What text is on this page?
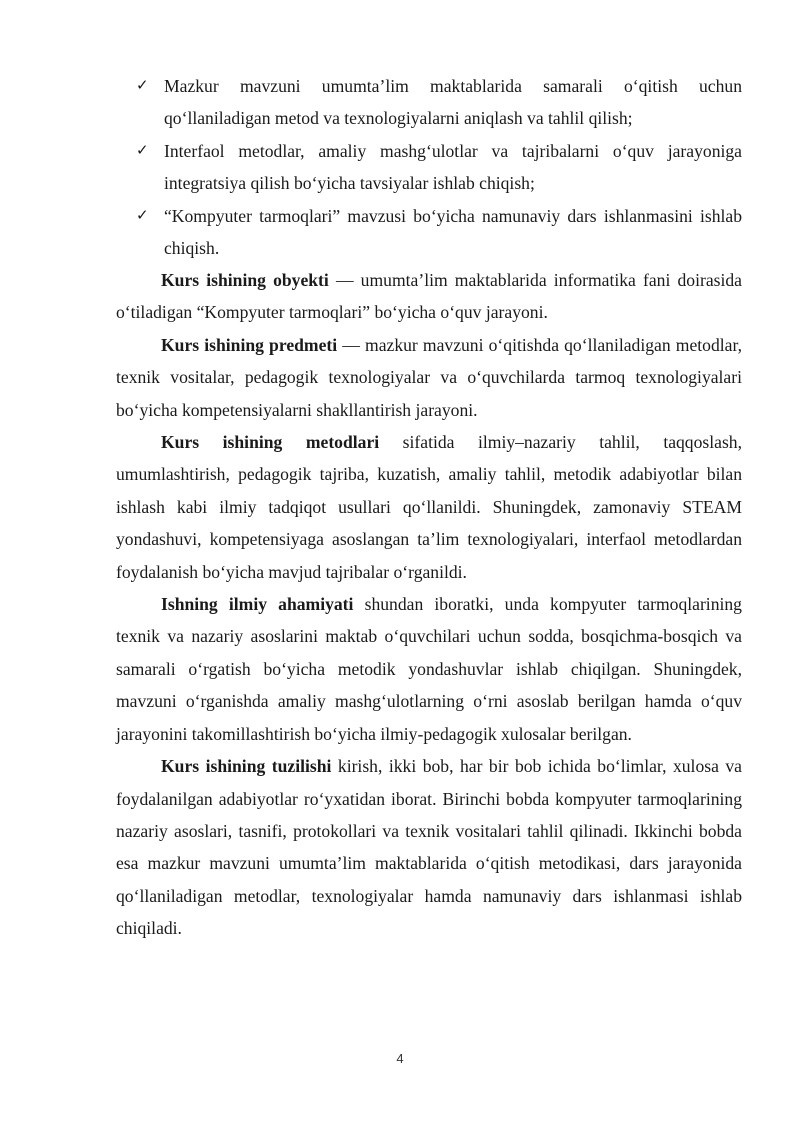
✓ Mazkur mavzuni umumta’lim maktablarida samarali o‘qitish uchun qo‘llaniladigan metod va texnologiyalarni aniqlash va tahlil qilish;
✓ Interfaol metodlar, amaliy mashg‘ulotlar va tajribalarni o‘quv jarayoniga integratsiya qilish bo‘yicha tavsiyalar ishlab chiqish;
✓ “Kompyuter tarmoqlari” mavzusi bo‘yicha namunaviy dars ishlanmasini ishlab chiqish.

Kurs ishining obyekti — umumta’lim maktablarida informatika fani doirasida o‘tiladigan “Kompyuter tarmoqlari” bo‘yicha o‘quv jarayoni.

Kurs ishining predmeti — mazkur mavzuni o‘qitishda qo‘llaniladigan metodlar, texnik vositalar, pedagogik texnologiyalar va o‘quvchilarda tarmoq texnologiyalari bo‘yicha kompetensiyalarni shakllantirish jarayoni.

Kurs ishining metodlari sifatida ilmiy–nazariy tahlil, taqqoslash, umumlashtirish, pedagogik tajriba, kuzatish, amaliy tahlil, metodik adabiyotlar bilan ishlash kabi ilmiy tadqiqot usullari qo‘llanildi. Shuningdek, zamonaviy STEAM yondashuvi, kompetensiyaga asoslangan ta’lim texnologiyalari, interfaol metodlardan foydalanish bo‘yicha mavjud tajribalar o‘rganildi.

Ishning ilmiy ahamiyati shundan iboratki, unda kompyuter tarmoqlarining texnik va nazariy asoslarini maktab o‘quvchilari uchun sodda, bosqichma-bosqich va samarali o‘rgatish bo‘yicha metodik yondashuvlar ishlab chiqilgan. Shuningdek, mavzuni o‘rganishda amaliy mashg‘ulotlarning o‘rni asoslab berilgan hamda o‘quv jarayonini takomillashtirish bo‘yicha ilmiy-pedagogik xulosalar berilgan.

Kurs ishining tuzilishi kirish, ikki bob, har bir bob ichida bo‘limlar, xulosa va foydalanilgan adabiyotlar ro‘yxatidan iborat. Birinchi bobda kompyuter tarmoqlarining nazariy asoslari, tasnifi, protokollari va texnik vositalari tahlil qilinadi. Ikkinchi bobda esa mazkur mavzuni umumta’lim maktablarida o‘qitish metodikasi, dars jarayonida qo‘llaniladigan metodlar, texnologiyalar hamda namunaviy dars ishlanmasi ishlab chiqiladi.

4
